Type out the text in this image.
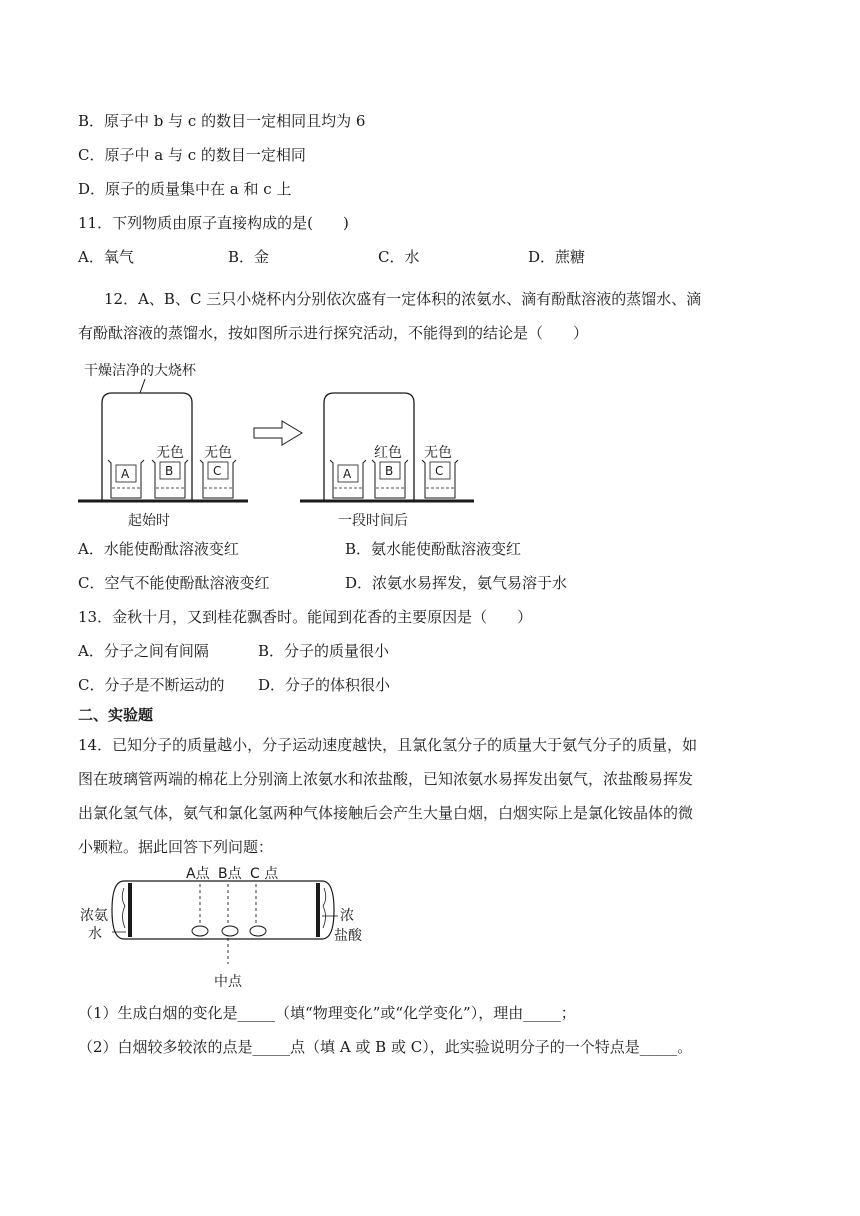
B．原子中 b 与 c 的数目一定相同且均为 6
C．原子中 a 与 c 的数目一定相同
D．原子的质量集中在 a 和 c 上
11．下列物质由原子直接构成的是(　　)
A．氧气	B．金	C．水	D．蔗糖
12．A、B、C 三只小烧杯内分别依次盛有一定体积的浓氨水、滴有酚酞溶液的蒸馏水、滴
有酚酞溶液的蒸馏水，按如图所示进行探究活动，不能得到的结论是（　　）
干燥洁净的大烧杯
无色 无色
A	B	C
起始时
红色 无色
A	B	C
一段时间后
A．水能使酚酞溶液变红	B．氨水能使酚酞溶液变红
C．空气不能使酚酞溶液变红	D．浓氨水易挥发，氨气易溶于水
13．金秋十月，又到桂花飘香时。能闻到花香的主要原因是（　　）
A．分子之间有间隔	B．分子的质量很小
C．分子是不断运动的 D．分子的体积很小
二、实验题
14．已知分子的质量越小，分子运动速度越快，且氯化氢分子的质量大于氨气分子的质量，如
图在玻璃管两端的棉花上分别滴上浓氨水和浓盐酸，已知浓氨水易挥发出氨气，浓盐酸易挥发
出氯化氢气体，氨气和氯化氢两种气体接触后会产生大量白烟，白烟实际上是氯化铵晶体的微
小颗粒。据此回答下列问题：
A点 B点 C 点
浓氨
水
浓
盐酸
中点
（1）生成白烟的变化是_____（填“物理变化”或“化学变化”），理由_____；
（2）白烟较多较浓的点是_____点（填 A 或 B 或 C），此实验说明分子的一个特点是_____。
